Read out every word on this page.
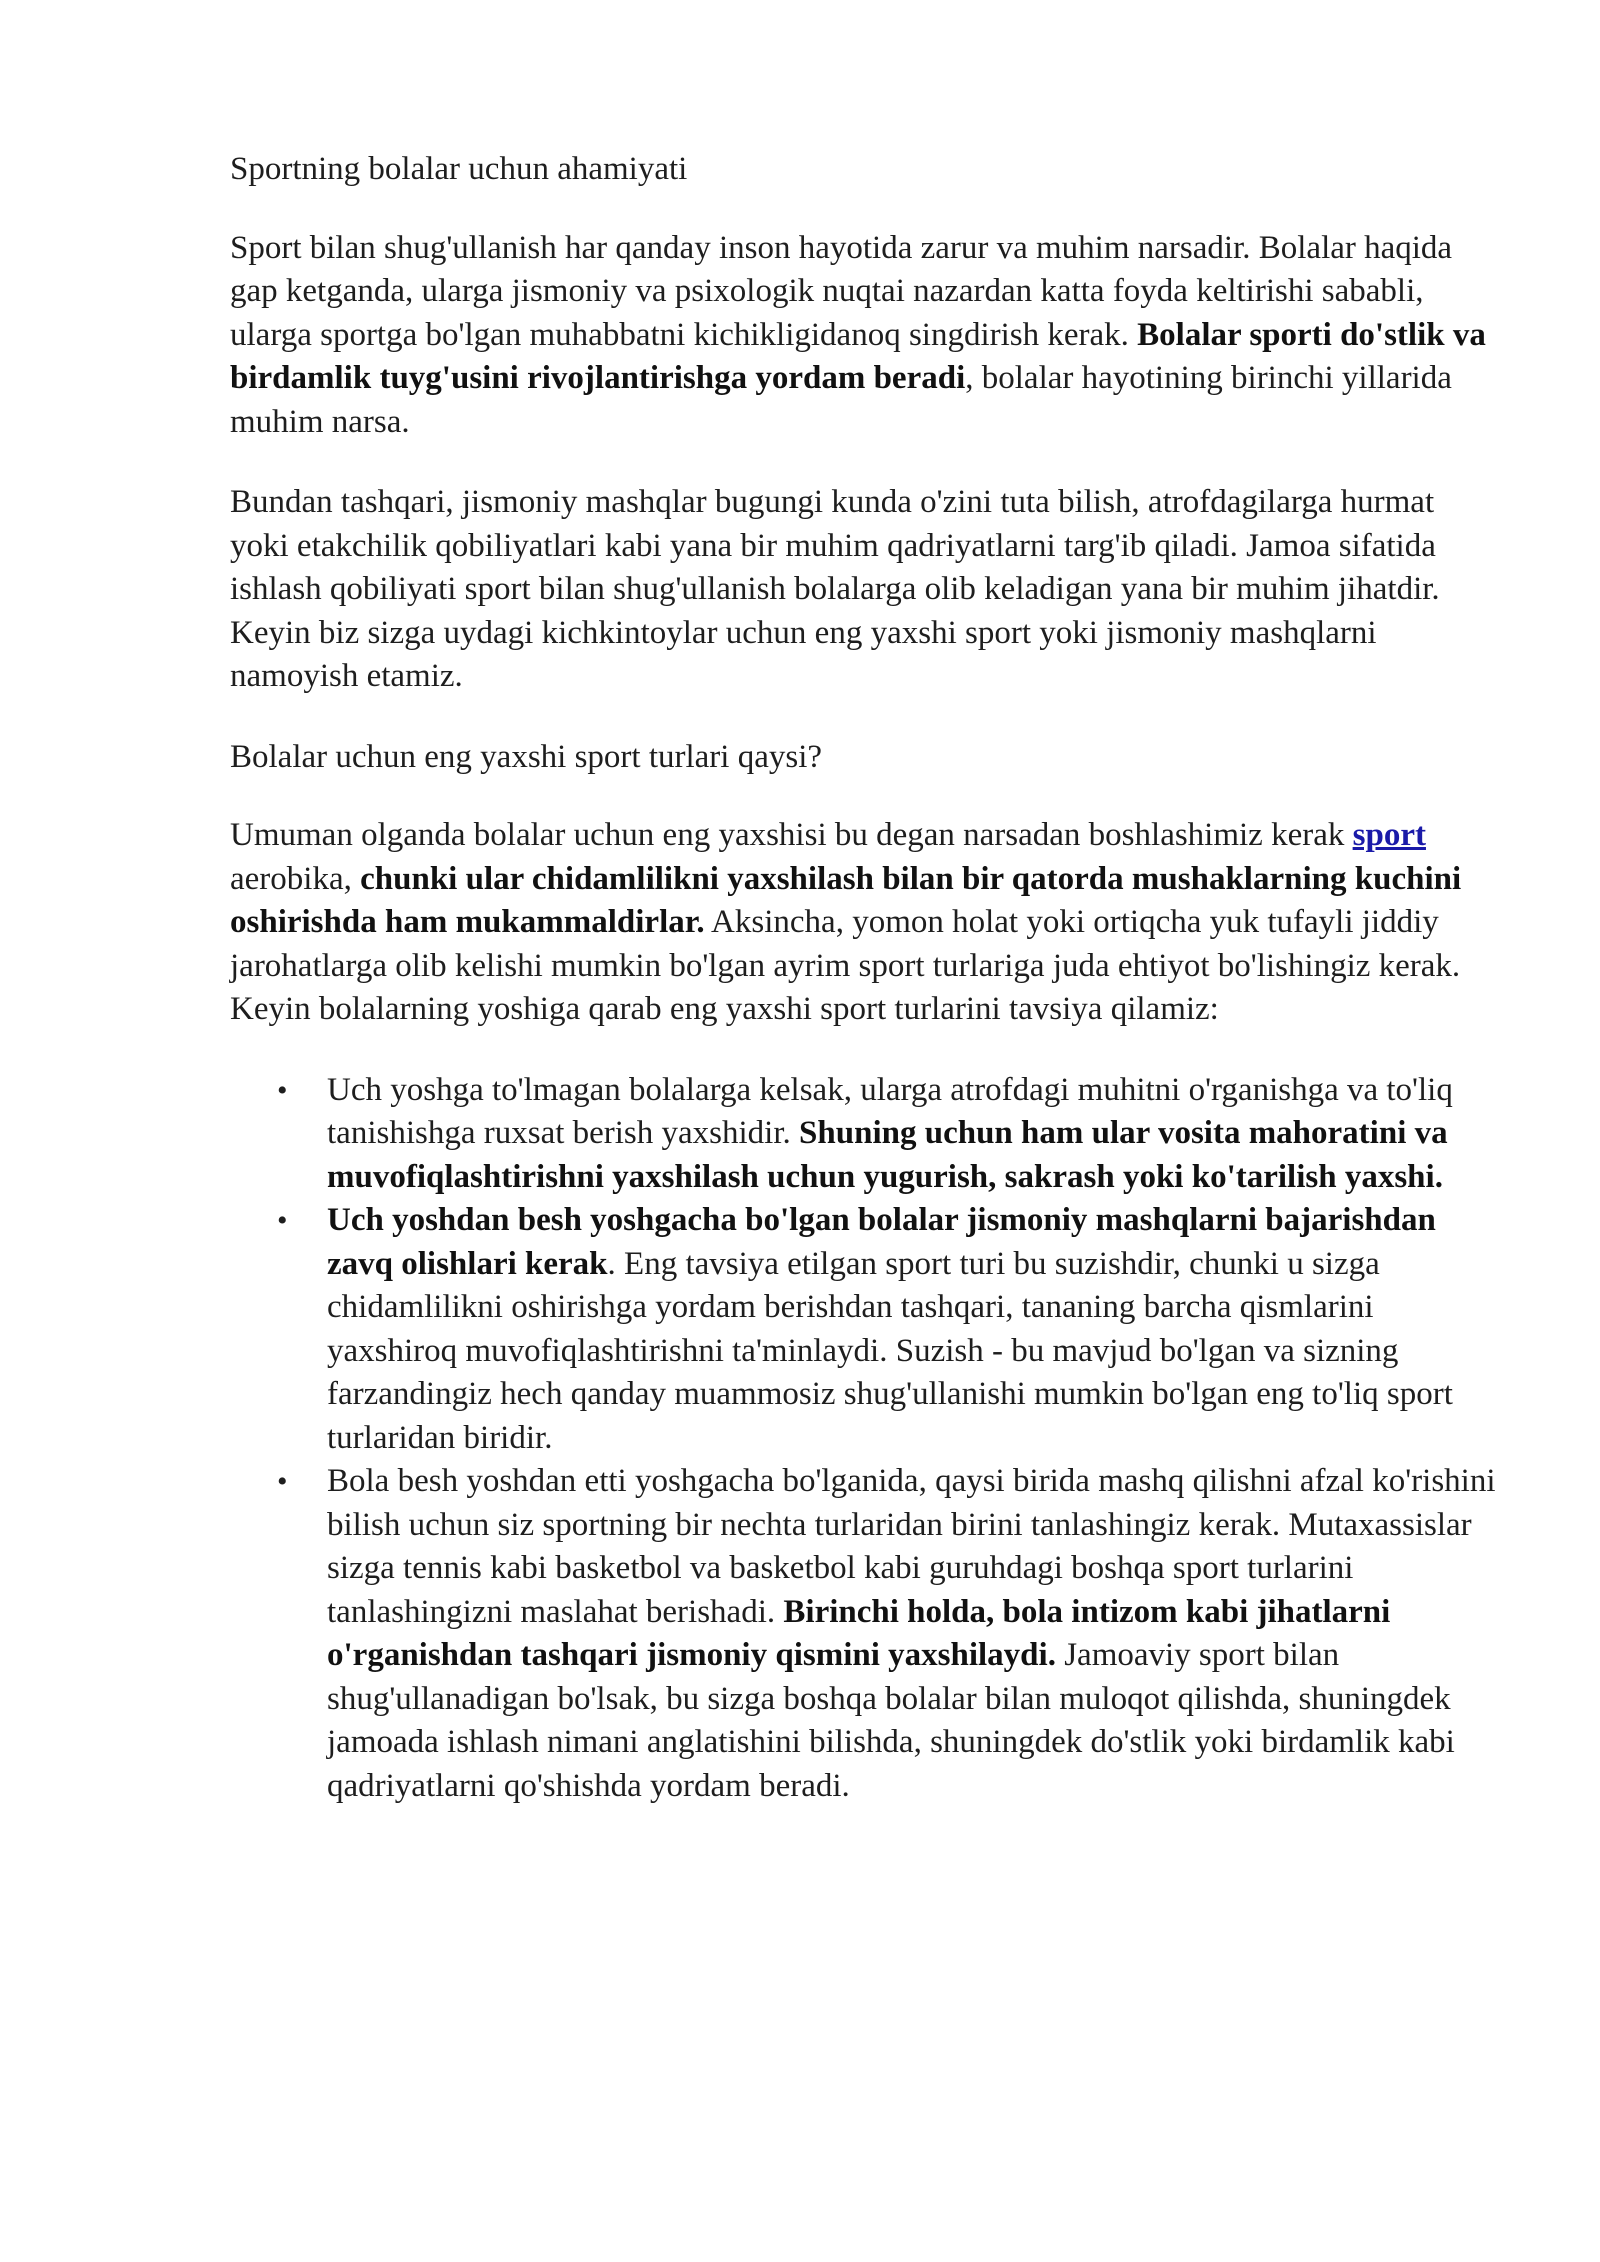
Sportning bolalar uchun ahamiyati

Sport bilan shug'ullanish har qanday inson hayotida zarur va muhim narsadir. Bolalar haqida gap ketganda, ularga jismoniy va psixologik nuqtai nazardan katta foyda keltirishi sababli, ularga sportga bo'lgan muhabbatni kichikligidanoq singdirish kerak. Bolalar sporti do'stlik va birdamlik tuyg'usini rivojlantirishga yordam beradi, bolalar hayotining birinchi yillarida muhim narsa.

Bundan tashqari, jismoniy mashqlar bugungi kunda o'zini tuta bilish, atrofdagilarga hurmat yoki etakchilik qobiliyatlari kabi yana bir muhim qadriyatlarni targ'ib qiladi. Jamoa sifatida ishlash qobiliyati sport bilan shug'ullanish bolalarga olib keladigan yana bir muhim jihatdir. Keyin biz sizga uydagi kichkintoylar uchun eng yaxshi sport yoki jismoniy mashqlarni namoyish etamiz.

Bolalar uchun eng yaxshi sport turlari qaysi?

Umuman olganda bolalar uchun eng yaxshisi bu degan narsadan boshlashimiz kerak sport aerobika, chunki ular chidamlilikni yaxshilash bilan bir qatorda mushaklarning kuchini oshirishda ham mukammaldirlar. Aksincha, yomon holat yoki ortiqcha yuk tufayli jiddiy jarohatlarga olib kelishi mumkin bo'lgan ayrim sport turlariga juda ehtiyot bo'lishingiz kerak. Keyin bolalarning yoshiga qarab eng yaxshi sport turlarini tavsiya qilamiz:

• Uch yoshga to'lmagan bolalarga kelsak, ularga atrofdagi muhitni o'rganishga va to'liq tanishishga ruxsat berish yaxshidir. Shuning uchun ham ular vosita mahoratini va muvofiqlashtirishni yaxshilash uchun yugurish, sakrash yoki ko'tarilish yaxshi.
• Uch yoshdan besh yoshgacha bo'lgan bolalar jismoniy mashqlarni bajarishdan zavq olishlari kerak. Eng tavsiya etilgan sport turi bu suzishdir, chunki u sizga chidamlilikni oshirishga yordam berishdan tashqari, tananing barcha qismlarini yaxshiroq muvofiqlashtirishni ta'minlaydi. Suzish - bu mavjud bo'lgan va sizning farzandingiz hech qanday muammosiz shug'ullanishi mumkin bo'lgan eng to'liq sport turlaridan biridir.
• Bola besh yoshdan etti yoshgacha bo'lganida, qaysi birida mashq qilishni afzal ko'rishini bilish uchun siz sportning bir nechta turlaridan birini tanlashingiz kerak. Mutaxassislar sizga tennis kabi basketbol va basketbol kabi guruhdagi boshqa sport turlarini tanlashingizni maslahat berishadi. Birinchi holda, bola intizom kabi jihatlarni o'rganishdan tashqari jismoniy qismini yaxshilaydi. Jamoaviy sport bilan shug'ullanadigan bo'lsak, bu sizga boshqa bolalar bilan muloqot qilishda, shuningdek jamoada ishlash nimani anglatishini bilishda, shuningdek do'stlik yoki birdamlik kabi qadriyatlarni qo'shishda yordam beradi.
